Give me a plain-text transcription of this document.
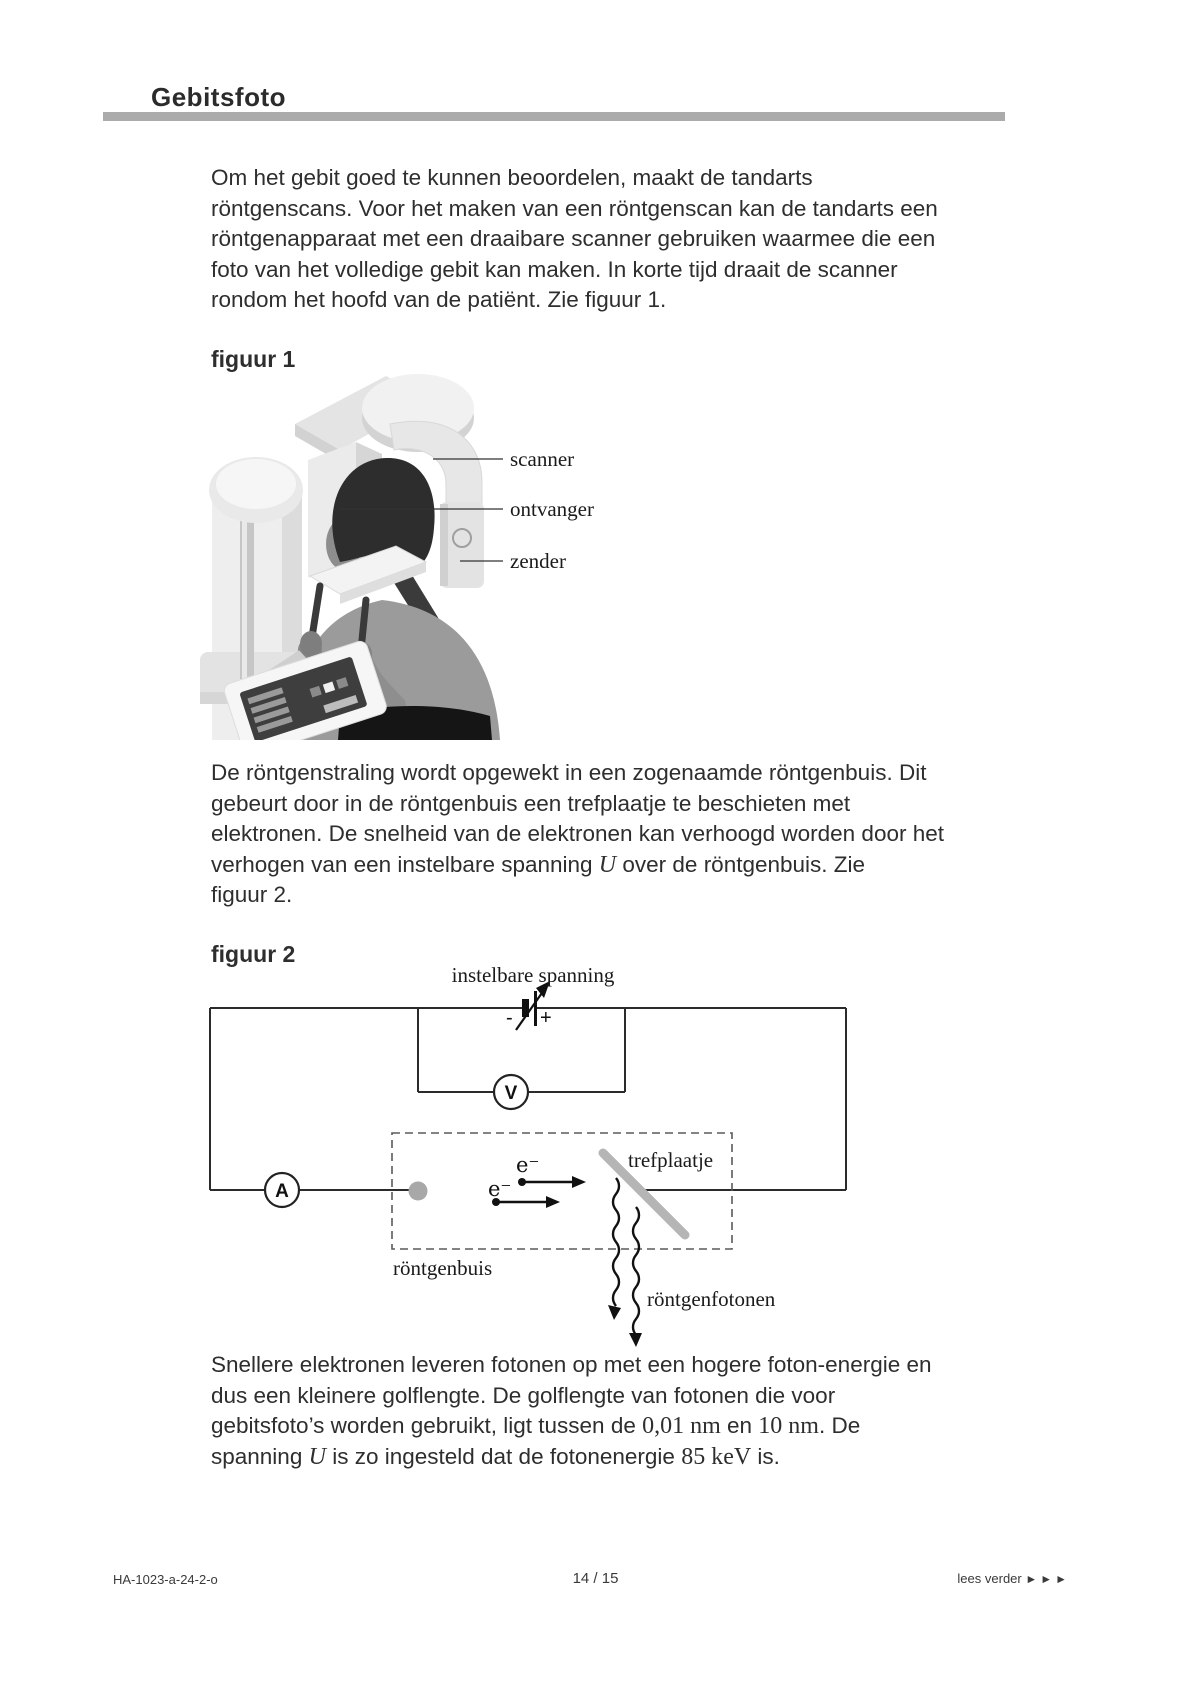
Gebitsfoto
Om het gebit goed te kunnen beoordelen, maakt de tandarts
röntgenscans. Voor het maken van een röntgenscan kan de tandarts een
röntgenapparaat met een draaibare scanner gebruiken waarmee die een
foto van het volledige gebit kan maken. In korte tijd draait de scanner
rondom het hoofd van de patiënt. Zie figuur 1.
figuur 1
scanner
ontvanger
zender
De röntgenstraling wordt opgewekt in een zogenaamde röntgenbuis. Dit
gebeurt door in de röntgenbuis een trefplaatje te beschieten met
elektronen. De snelheid van de elektronen kan verhoogd worden door het
verhogen van een instelbare spanning U over de röntgenbuis. Zie
figuur 2.
figuur 2
- +
instelbare spanning
V
A
e⁻
e⁻
trefplaatje
röntgenbuis
röntgenfotonen
Snellere elektronen leveren fotonen op met een hogere foton-energie en
dus een kleinere golflengte. De golflengte van fotonen die voor
gebitsfoto’s worden gebruikt, ligt tussen de 0,01 nm en 10 nm. De
spanning U is zo ingesteld dat de fotonenergie 85 keV is.
HA-1023-a-24-2-o	14 / 15	lees verder ►►►
